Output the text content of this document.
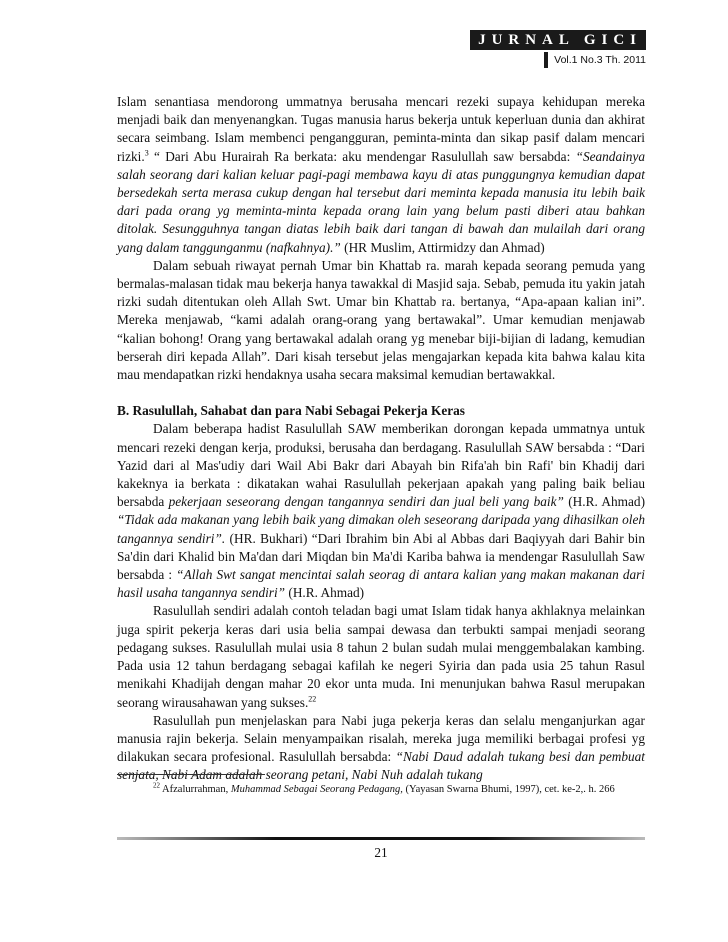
JURNAL GICI
Vol.1 No.3 Th. 2011

Islam senantiasa mendorong ummatnya berusaha mencari rezeki supaya kehidupan mereka menjadi baik dan menyenangkan. Tugas manusia harus bekerja untuk keperluan dunia dan akhirat secara seimbang. Islam membenci pengangguran, peminta-minta dan sikap pasif dalam mencari rizki.$^3$ “ Dari Abu Hurairah Ra berkata: aku mendengar Rasulullah saw bersabda: “Seandainya salah seorang dari kalian keluar pagi-pagi membawa kayu di atas punggungnya kemudian dapat bersedekah serta merasa cukup dengan hal tersebut dari meminta kepada manusia itu lebih baik dari pada orang yg meminta-minta kepada orang lain yang belum pasti diberi atau bahkan ditolak. Sesungguhnya tangan diatas lebih baik dari tangan di bawah dan mulailah dari orang yang dalam tanggunganmu (nafkahnya).” (HR Muslim, Attirmidzy dan Ahmad)

Dalam sebuah riwayat pernah Umar bin Khattab ra. marah kepada seorang pemuda yang bermalas-malasan tidak mau bekerja hanya tawakkal di Masjid saja. Sebab, pemuda itu yakin jatah rizki sudah ditentukan oleh Allah Swt. Umar bin Khattab ra. bertanya, “Apa-apaan kalian ini”. Mereka menjawab, “kami adalah orang-orang yang bertawakal”. Umar kemudian menjawab “kalian bohong! Orang yang bertawakal adalah orang yg menebar biji-bijian di ladang, kemudian berserah diri kepada Allah”. Dari kisah tersebut jelas mengajarkan kepada kita bahwa kalau kita mau mendapatkan rizki hendaknya usaha secara maksimal kemudian bertawakkal.

B. Rasulullah, Sahabat dan para Nabi Sebagai Pekerja Keras

Dalam beberapa hadist Rasulullah SAW memberikan dorongan kepada ummatnya untuk mencari rezeki dengan kerja, produksi, berusaha dan berdagang. Rasulullah SAW bersabda : “Dari Yazid dari al Mas'udiy dari Wail Abi Bakr dari Abayah bin Rifa'ah bin Rafi' bin Khadij dari kakeknya ia berkata : dikatakan wahai Rasulullah pekerjaan apakah yang paling baik beliau bersabda pekerjaan seseorang dengan tangannya sendiri dan jual beli yang baik” (H.R. Ahmad) “Tidak ada makanan yang lebih baik yang dimakan oleh seseorang daripada yang dihasilkan oleh tangannya sendiri”. (HR. Bukhari) “Dari Ibrahim bin Abi al Abbas dari Baqiyyah dari Bahir bin Sa'din dari Khalid bin Ma'dan dari Miqdan bin Ma'di Kariba bahwa ia mendengar Rasulullah Saw bersabda : “Allah Swt sangat mencintai salah seorag di antara kalian yang makan makanan dari hasil usaha tangannya sendiri” (H.R. Ahmad)

Rasulullah sendiri adalah contoh teladan bagi umat Islam tidak hanya akhlaknya melainkan juga spirit pekerja keras dari usia belia sampai dewasa dan terbukti sampai menjadi seorang pedagang sukses. Rasulullah mulai usia 8 tahun 2 bulan sudah mulai menggembalakan kambing. Pada usia 12 tahun berdagang sebagai kafilah ke negeri Syiria dan pada usia 25 tahun Rasul menikahi Khadijah dengan mahar 20 ekor unta muda. Ini menunjukan bahwa Rasul merupakan seorang wirausahawan yang sukses.$^{22}$

Rasulullah pun menjelaskan para Nabi juga pekerja keras dan selalu menganjurkan agar manusia rajin bekerja. Selain menyampaikan risalah, mereka juga memiliki berbagai profesi yg dilakukan secara profesional. Rasulullah bersabda: “Nabi Daud adalah tukang besi dan pembuat senjata, Nabi Adam adalah seorang petani, Nabi Nuh adalah tukang

$^{22}$ Afzalurrahman, Muhammad Sebagai Seorang Pedagang, (Yayasan Swarna Bhumi, 1997), cet. ke-2,. h. 266
21
